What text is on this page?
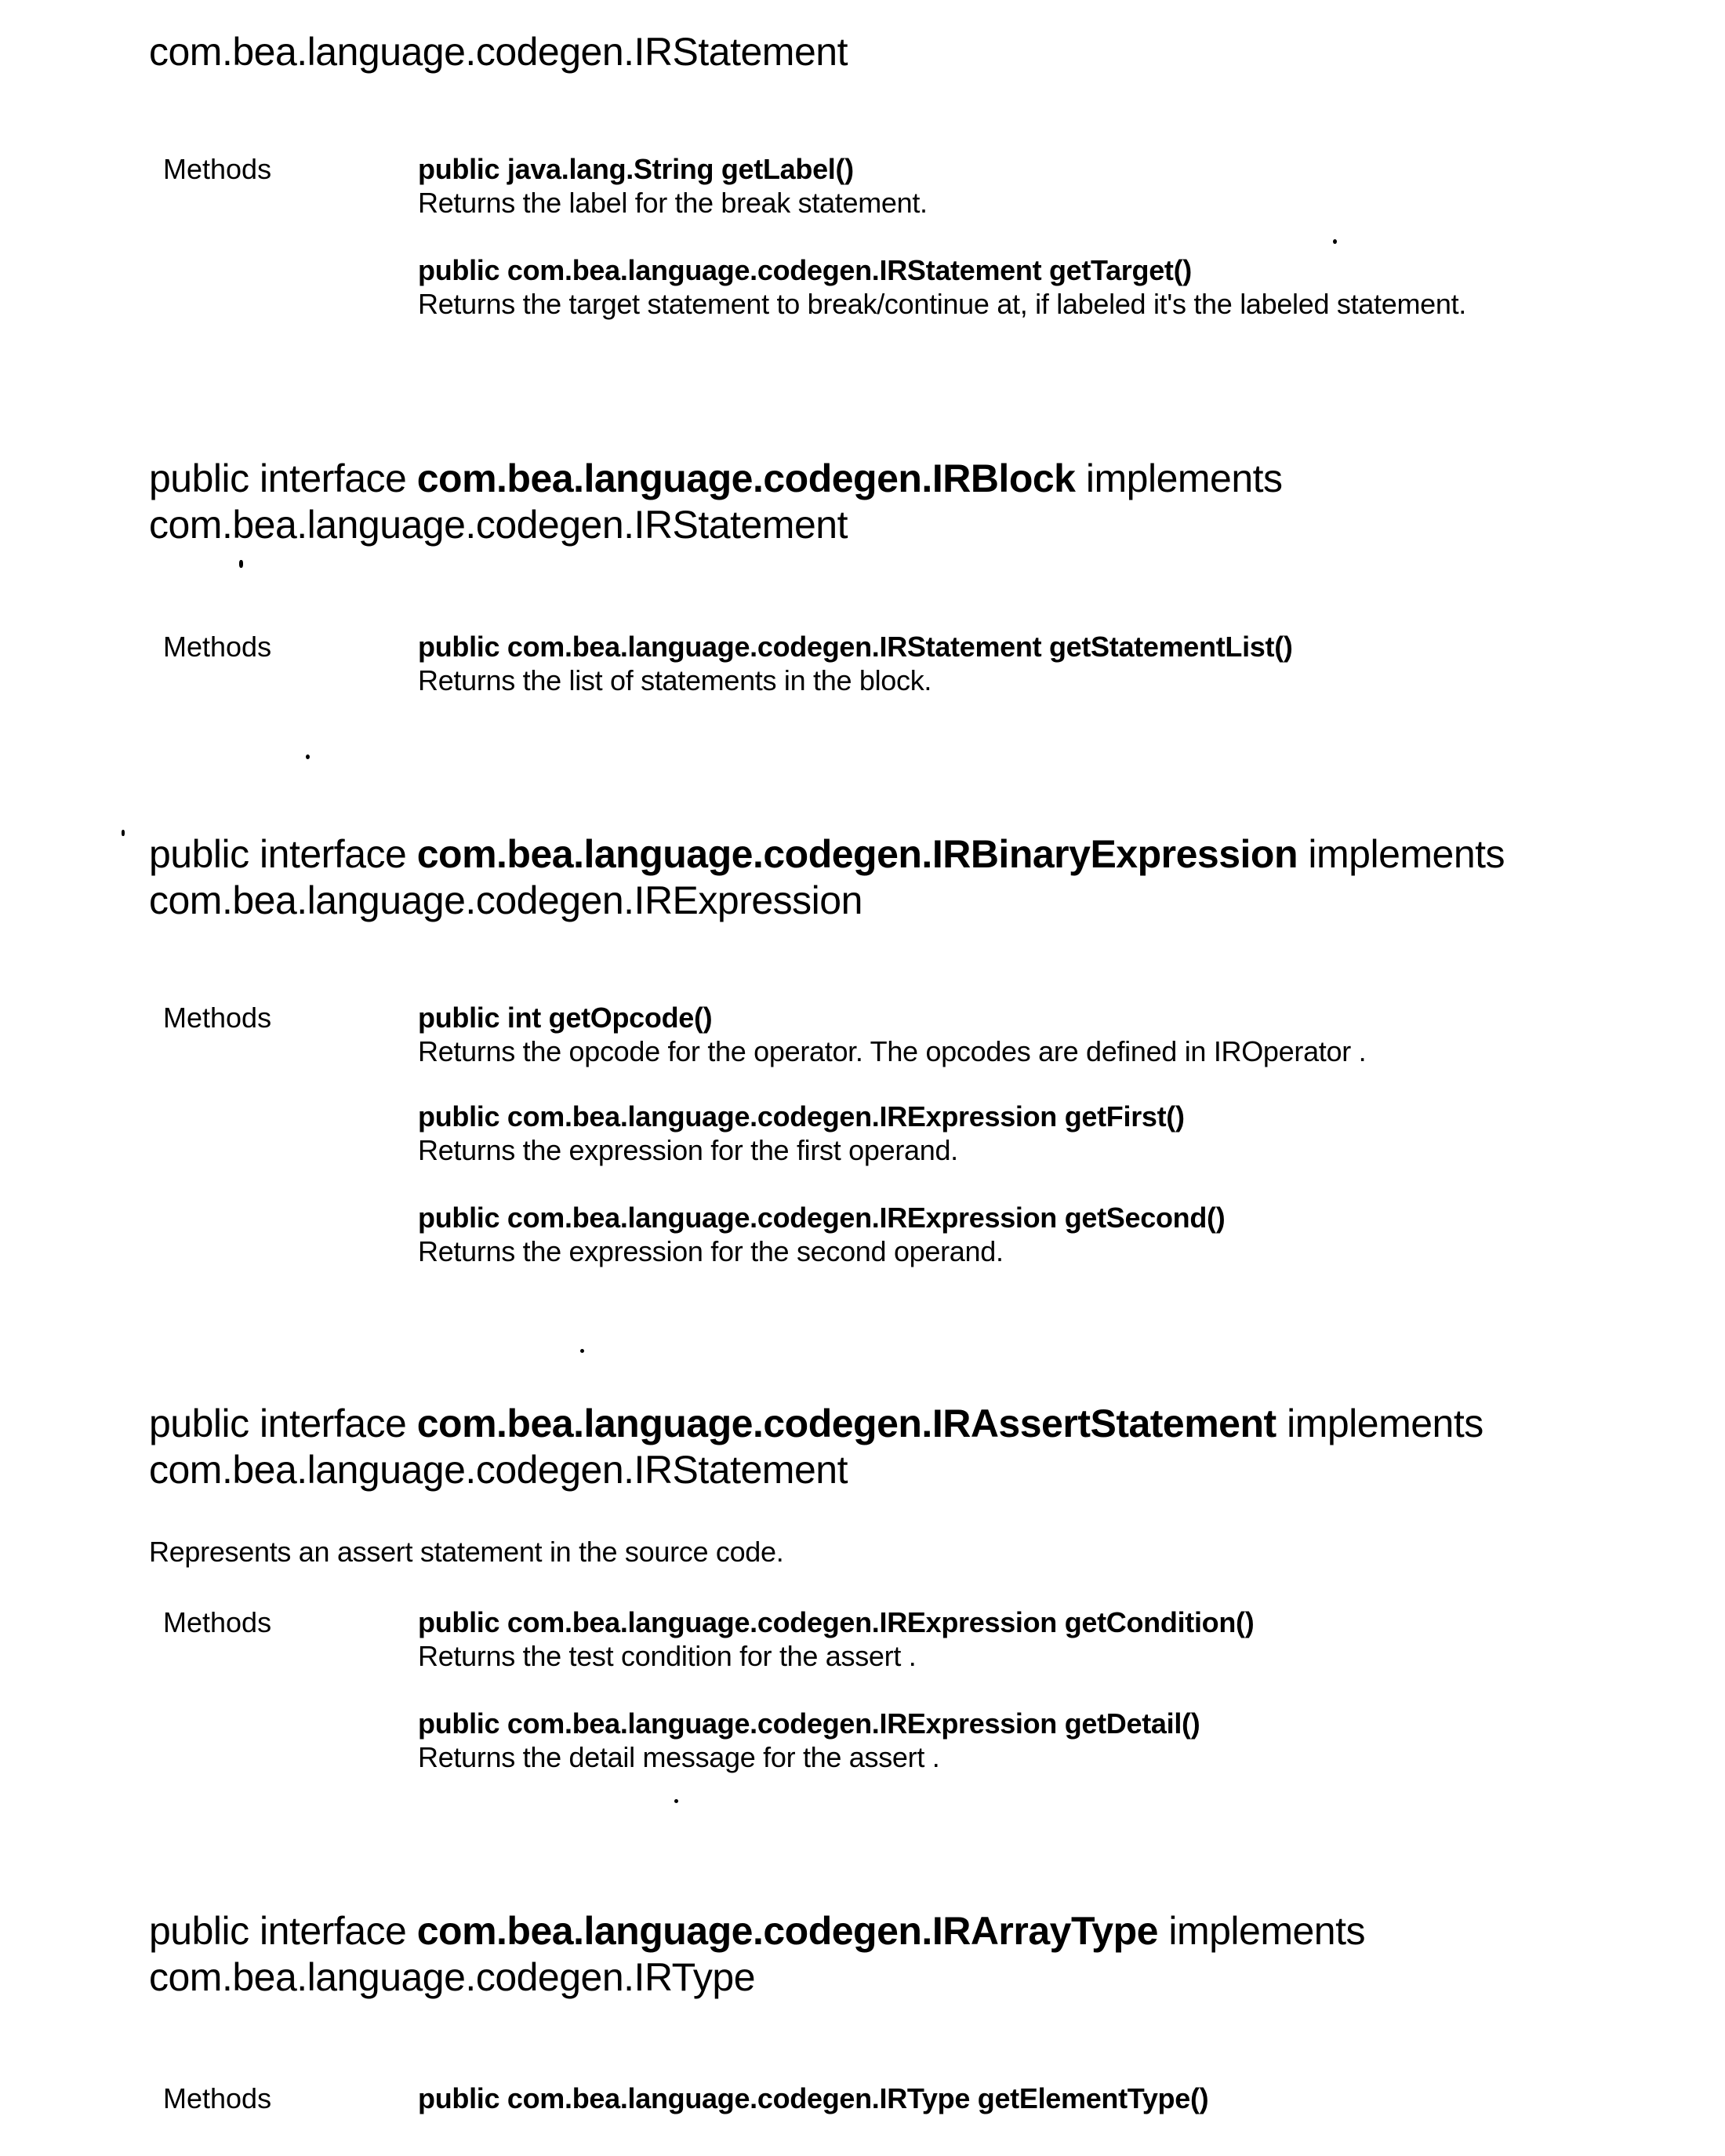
com.bea.language.codegen.IRStatement
Methods	public java.lang.String getLabel()
Returns the label for the break statement.
public com.bea.language.codegen.IRStatement getTarget()
Returns the target statement to break/continue at, if labeled it's the labeled statement.
public interface com.bea.language.codegen.IRBlock implements
com.bea.language.codegen.IRStatement
Methods	public com.bea.language.codegen.IRStatement getStatementList()
Returns the list of statements in the block.
public interface com.bea.language.codegen.IRBinaryExpression implements
com.bea.language.codegen.IRExpression
Methods	public int getOpcode()
Returns the opcode for the operator. The opcodes are defined in IROperator .
public com.bea.language.codegen.IRExpression getFirst()
Returns the expression for the first operand.
public com.bea.language.codegen.IRExpression getSecond()
Returns the expression for the second operand.
public interface com.bea.language.codegen.IRAssertStatement implements
com.bea.language.codegen.IRStatement
Represents an assert statement in the source code.
Methods	public com.bea.language.codegen.IRExpression getCondition()
Returns the test condition for the assert .
public com.bea.language.codegen.IRExpression getDetail()
Returns the detail message for the assert .
public interface com.bea.language.codegen.IRArrayType implements
com.bea.language.codegen.IRType
Methods	public com.bea.language.codegen.IRType getElementType()
